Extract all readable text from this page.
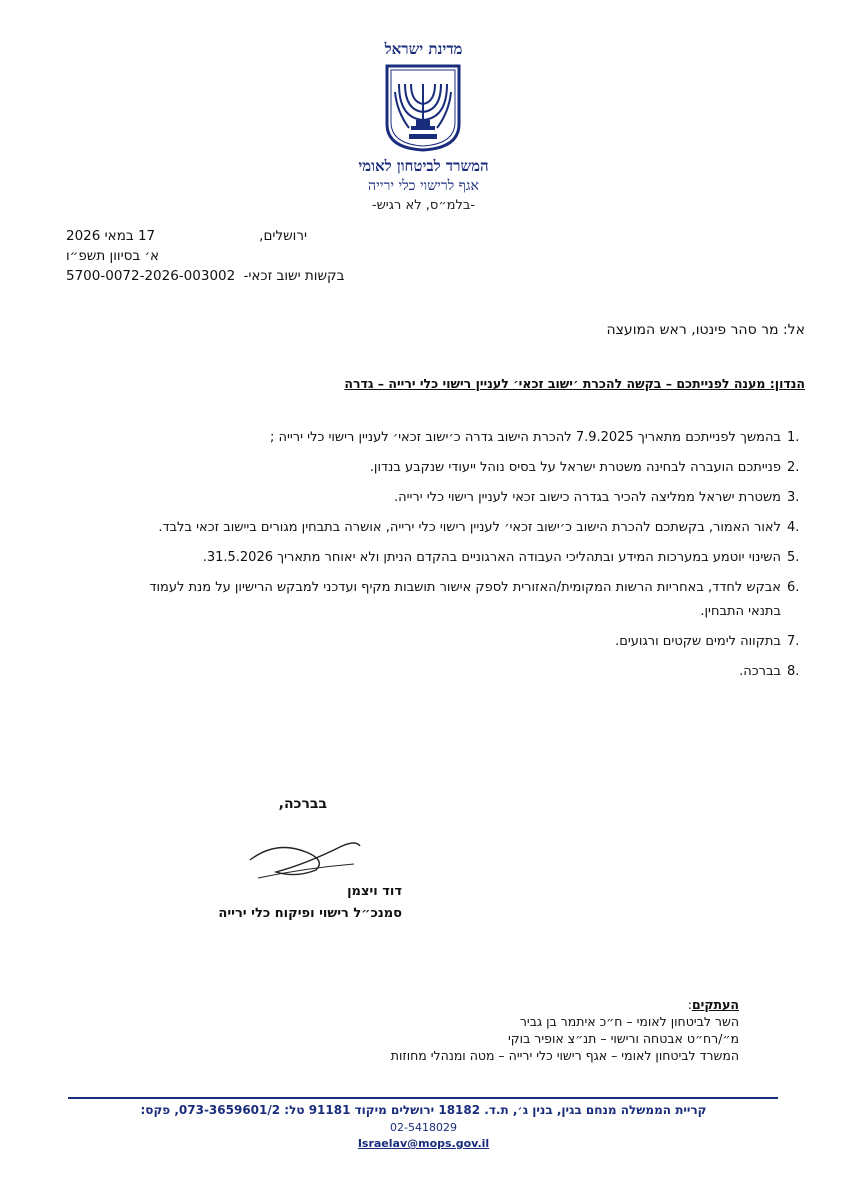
מדינת ישראל
המשרד לביטחון לאומי
אגף לרישוי כלי ירייה
-בלמ״ס, לא רגיש-
ירושלים,
17 במאי 2026
א׳ בסיוון תשפ״ו
5700-0072-2026-003002 בקשות ישוב זכאי-
אל: מר סהר פינטו, ראש המועצה
הנדון: מענה לפנייתכם – בקשה להכרת ׳ישוב זכאי׳ לעניין רישוי כלי ירייה – גדרה
1.
בהמשך לפנייתכם מתאריך 7.9.2025 להכרת הישוב גדרה כ׳ישוב זכאי׳ לעניין רישוי כלי ירייה ;
2.
פנייתכם הועברה לבחינה משטרת ישראל על בסיס נוהל ייעודי שנקבע בנדון.
3.
משטרת ישראל ממליצה להכיר בגדרה כישוב זכאי לעניין רישוי כלי ירייה.
4.
לאור האמור, בקשתכם להכרת הישוב כ׳ישוב זכאי׳ לעניין רישוי כלי ירייה, אושרה בתבחין מגורים ביישוב זכאי בלבד.
5.
השינוי יוטמע במערכות המידע ובתהליכי העבודה הארגוניים בהקדם הניתן ולא יאוחר מתאריך 31.5.2026.
6.
אבקש לחדד, באחריות הרשות המקומית/האזורית לספק אישור תושבות מקיף ועדכני למבקש הרישיון על מנת לעמוד בתנאי התבחין.
7.
בתקווה לימים שקטים ורגועים.
8.
בברכה.
בברכה,
דוד ויצמן
סמנכ״ל רישוי ופיקוח כלי ירייה
העתקים:
השר לביטחון לאומי – ח״כ איתמר בן גביר
מ״/רח״ט אבטחה ורישוי – תנ״צ אופיר בוקי
המשרד לביטחון לאומי – אגף רישוי כלי ירייה – מטה ומנהלי מחוזות
קריית הממשלה מנחם בגין, בנין ג׳, ת.ד. 18182 ירושלים מיקוד 91181 טל: 073-3659601/2, פקס:
02-5418029
Israelav@mops.gov.il
